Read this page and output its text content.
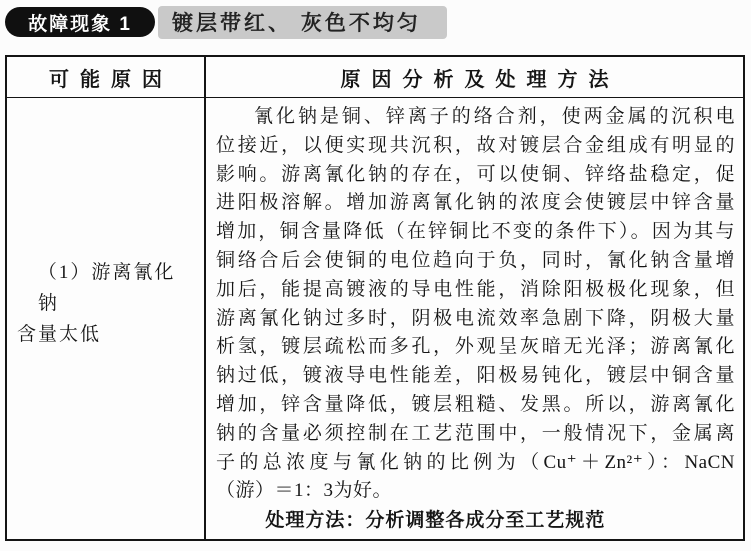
故障现象 1	镀层带红、 灰色不均匀
可能原因	原因分析及处理方法
（1）游离氰化钠
含量太低
氰化钠是铜、锌离子的络合剂，使两金属的沉积电
位接近，以便实现共沉积，故对镀层合金组成有明显的
影响。游离氰化钠的存在，可以使铜、锌络盐稳定，促
进阳极溶解。增加游离氰化钠的浓度会使镀层中锌含量
增加，铜含量降低（在锌铜比不变的条件下）。因为其与
铜络合后会使铜的电位趋向于负，同时，氰化钠含量增
加后，能提高镀液的导电性能，消除阳极极化现象，但
游离氰化钠过多时，阴极电流效率急剧下降，阴极大量
析氢，镀层疏松而多孔，外观呈灰暗无光泽；游离氰化
钠过低，镀液导电性能差，阳极易钝化，镀层中铜含量
增加，锌含量降低，镀层粗糙、发黑。所以，游离氰化
钠的含量必须控制在工艺范围中，一般情况下，金属离
子的总浓度与氰化钠的比例为（Cu⁺＋Zn²⁺）：NaCN
（游）＝1：3为好。
处理方法：分析调整各成分至工艺规范
